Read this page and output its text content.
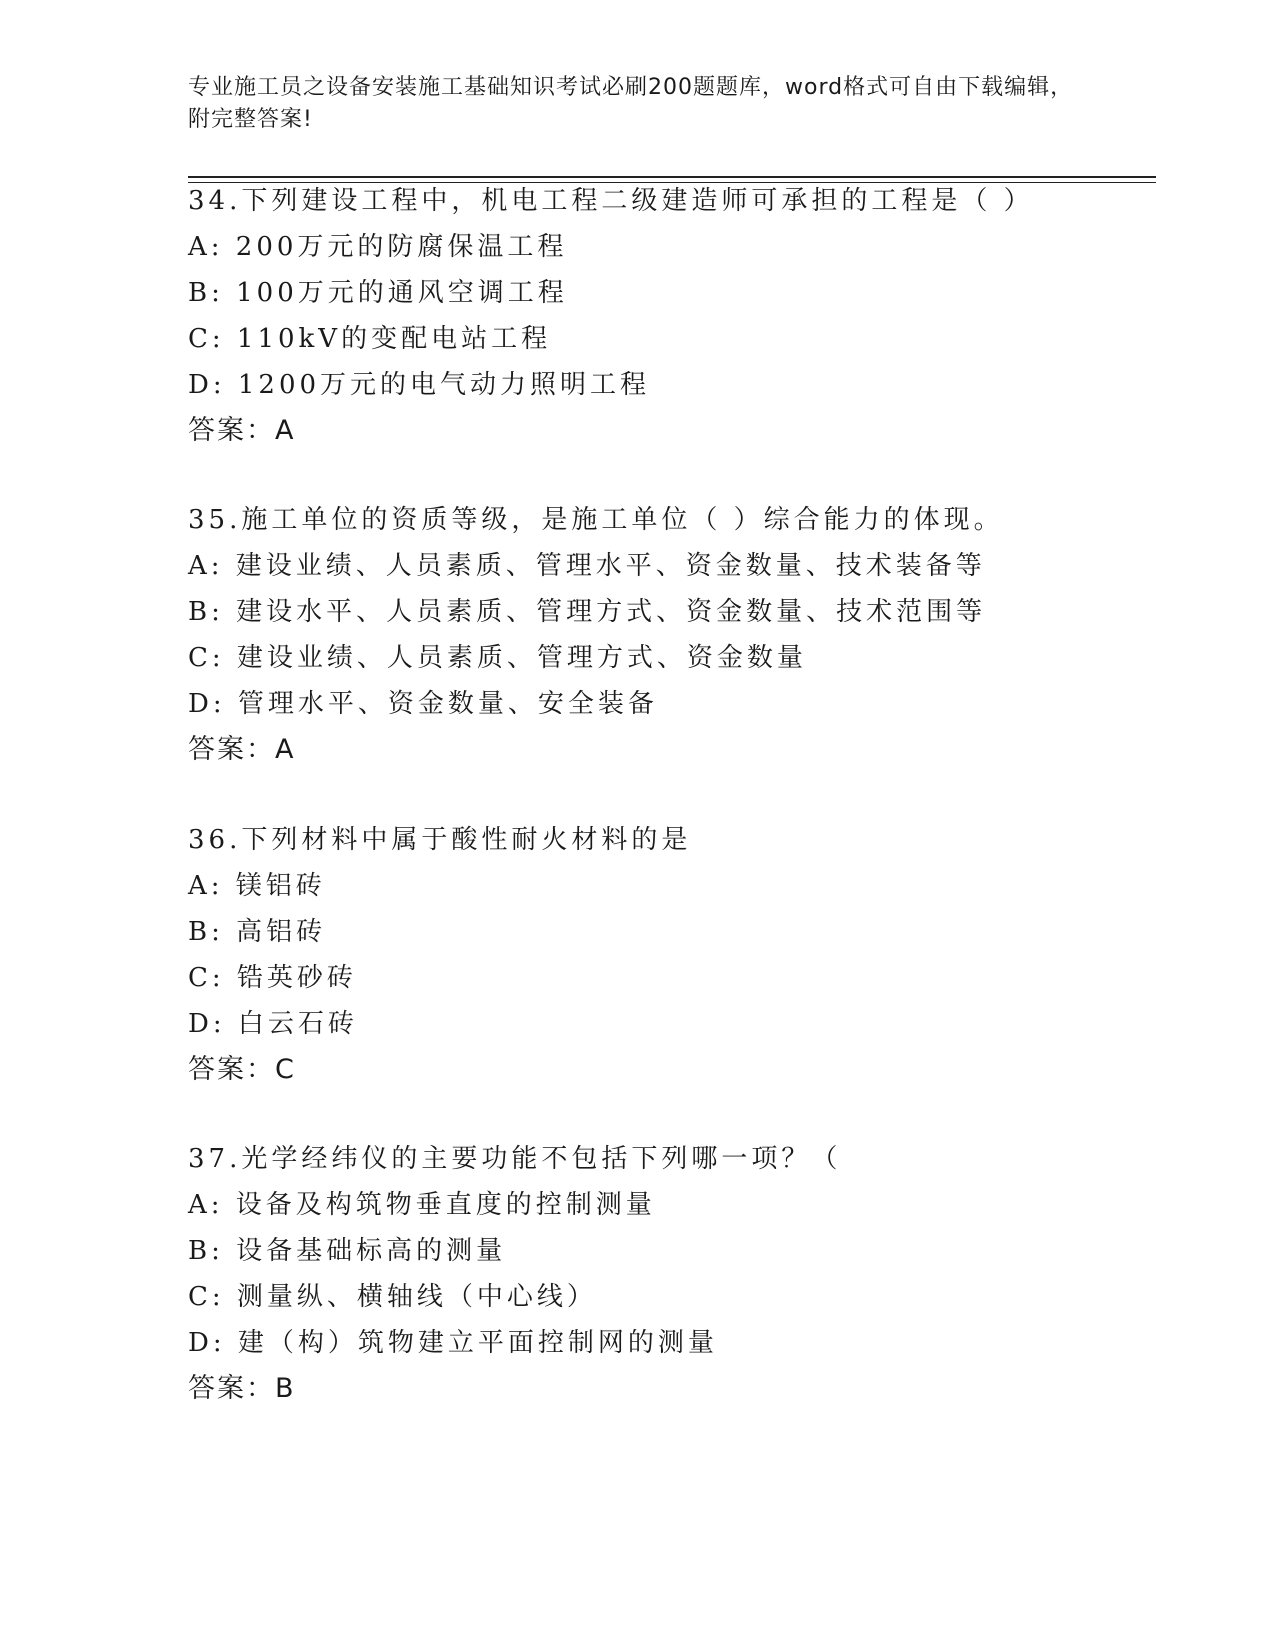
专业施工员之设备安装施工基础知识考试必刷200题题库，word格式可自由下载编辑，附完整答案!
34.下列建设工程中，机电工程二级建造师可承担的工程是（ ）
A: 200万元的防腐保温工程
B: 100万元的通风空调工程
C: 110kV的变配电站工程
D: 1200万元的电气动力照明工程
答案：A
35.施工单位的资质等级，是施工单位（ ）综合能力的体现。
A: 建设业绩、人员素质、管理水平、资金数量、技术装备等
B: 建设水平、人员素质、管理方式、资金数量、技术范围等
C: 建设业绩、人员素质、管理方式、资金数量
D: 管理水平、资金数量、安全装备
答案：A
36.下列材料中属于酸性耐火材料的是
A: 镁铝砖
B: 高铝砖
C: 锆英砂砖
D: 白云石砖
答案：C
37.光学经纬仪的主要功能不包括下列哪一项？（
A: 设备及构筑物垂直度的控制测量
B: 设备基础标高的测量
C: 测量纵、横轴线（中心线）
D: 建（构）筑物建立平面控制网的测量
答案：B
